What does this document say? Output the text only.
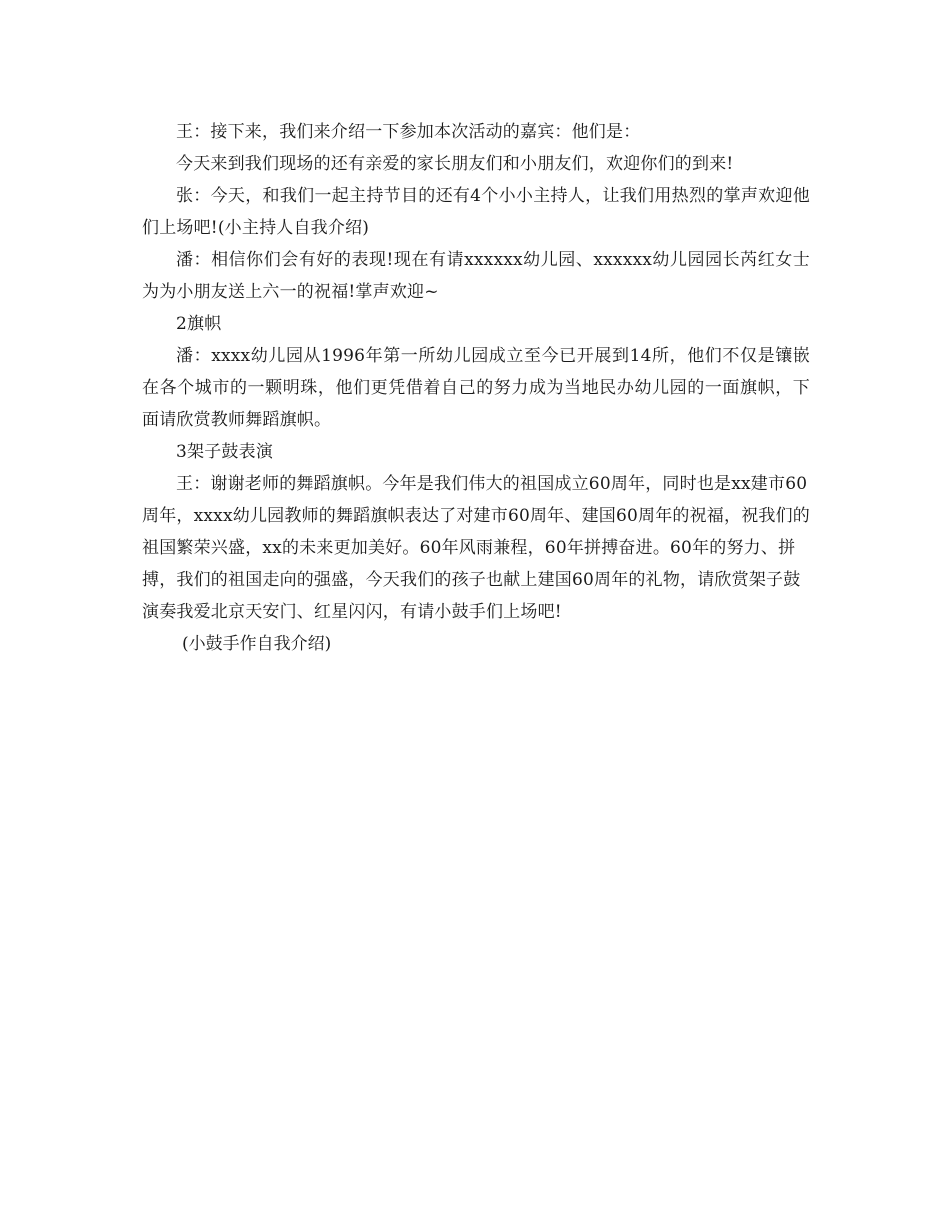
王：接下来，我们来介绍一下参加本次活动的嘉宾：他们是：

今天来到我们现场的还有亲爱的家长朋友们和小朋友们，欢迎你们的到来!

张：今天，和我们一起主持节目的还有4个小小主持人，让我们用热烈的掌声欢迎他们上场吧!(小主持人自我介绍)

潘：相信你们会有好的表现!现在有请xxxxxx幼儿园、xxxxxx幼儿园园长芮红女士为为小朋友送上六一的祝福!掌声欢迎~

2旗帜

潘：xxxx幼儿园从1996年第一所幼儿园成立至今已开展到14所，他们不仅是镶嵌在各个城市的一颗明珠，他们更凭借着自己的努力成为当地民办幼儿园的一面旗帜，下面请欣赏教师舞蹈旗帜。

3架子鼓表演

王：谢谢老师的舞蹈旗帜。今年是我们伟大的祖国成立60周年，同时也是xx建市60周年，xxxx幼儿园教师的舞蹈旗帜表达了对建市60周年、建国60周年的祝福，祝我们的祖国繁荣兴盛，xx的未来更加美好。60年风雨兼程，60年拼搏奋进。60年的努力、拼搏，我们的祖国走向的强盛，今天我们的孩子也献上建国60周年的礼物，请欣赏架子鼓演奏我爱北京天安门、红星闪闪，有请小鼓手们上场吧!

(小鼓手作自我介绍)
